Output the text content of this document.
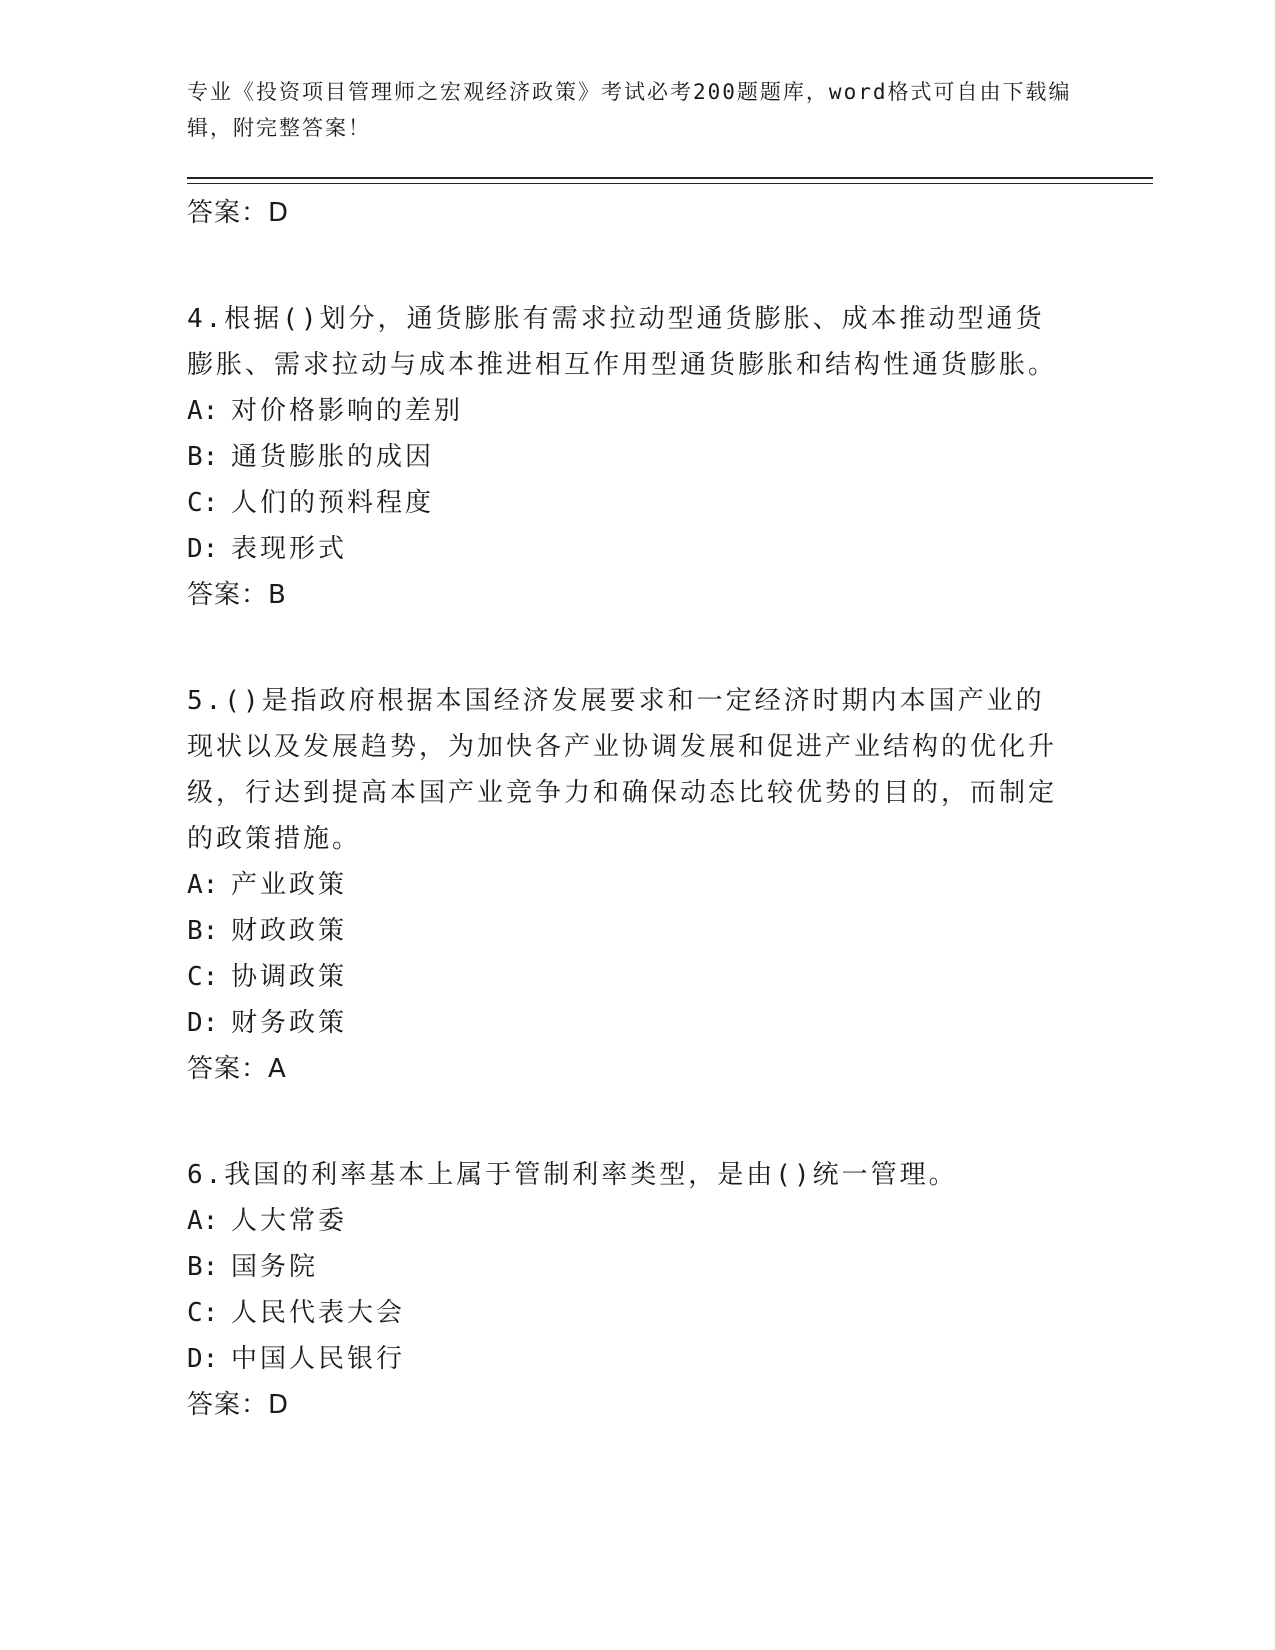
专业《投资项目管理师之宏观经济政策》考试必考200题题库，word格式可自由下载编辑，附完整答案！
答案：D
4.根据()划分，通货膨胀有需求拉动型通货膨胀、成本推动型通货膨胀、需求拉动与成本推进相互作用型通货膨胀和结构性通货膨胀。
A: 对价格影响的差别
B: 通货膨胀的成因
C: 人们的预料程度
D: 表现形式
答案：B
5.()是指政府根据本国经济发展要求和一定经济时期内本国产业的现状以及发展趋势，为加快各产业协调发展和促进产业结构的优化升级，行达到提高本国产业竞争力和确保动态比较优势的目的，而制定的政策措施。
A: 产业政策
B: 财政政策
C: 协调政策
D: 财务政策
答案：A
6.我国的利率基本上属于管制利率类型，是由()统一管理。
A: 人大常委
B: 国务院
C: 人民代表大会
D: 中国人民银行
答案：D
